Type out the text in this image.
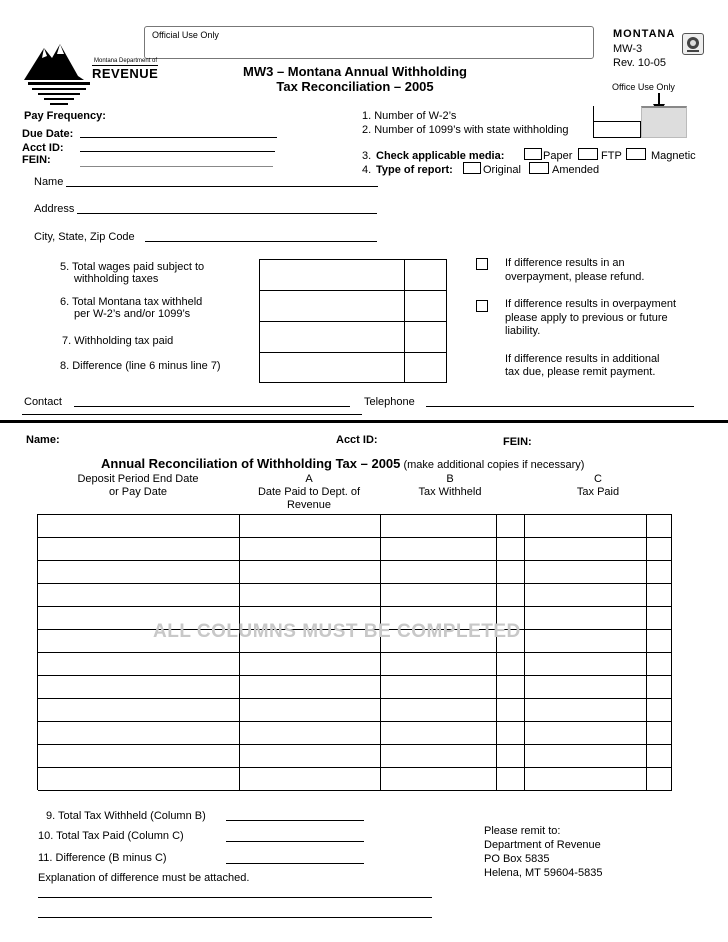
Official Use Only
Montana Department of
REVENUE	MW3 – Montana Annual Withholding
Tax Reconciliation – 2005
MONTANA
MW-3
Rev. 10-05
Office Use Only
Pay Frequency:
Due Date:
Acct ID:
FEIN:
Name
Address
City, State, Zip Code
1. Number of W-2’s
2. Number of 1099’s with state withholding
3. Check applicable media:	Paper	FTP	Magnetic
4. Type of report:	Original	Amended
5. Total wages paid subject to
withholding taxes
6. Total Montana tax withheld
per W-2’s and/or 1099’s
7. Withholding tax paid
8. Difference (line 6 minus line 7)
If difference results in an
overpayment, please refund.
If difference results in overpayment
please apply to previous or future
liability.
If difference results in additional
tax due, please remit payment.
Contact	Telephone
Name:	Acct ID:	FEIN:
Annual Reconciliation of Withholding Tax – 2005 (make additional copies if necessary)
Deposit Period End Date
or Pay Date
A
Date Paid to Dept. of
Revenue
B
Tax Withheld
C
Tax Paid
ALL COLUMNS MUST BE COMPLETED
9. Total Tax Withheld (Column B)
10. Total Tax Paid (Column C)
11. Difference (B minus C)
Explanation of difference must be attached.
Please remit to:
Department of Revenue
PO Box 5835
Helena, MT 59604-5835
